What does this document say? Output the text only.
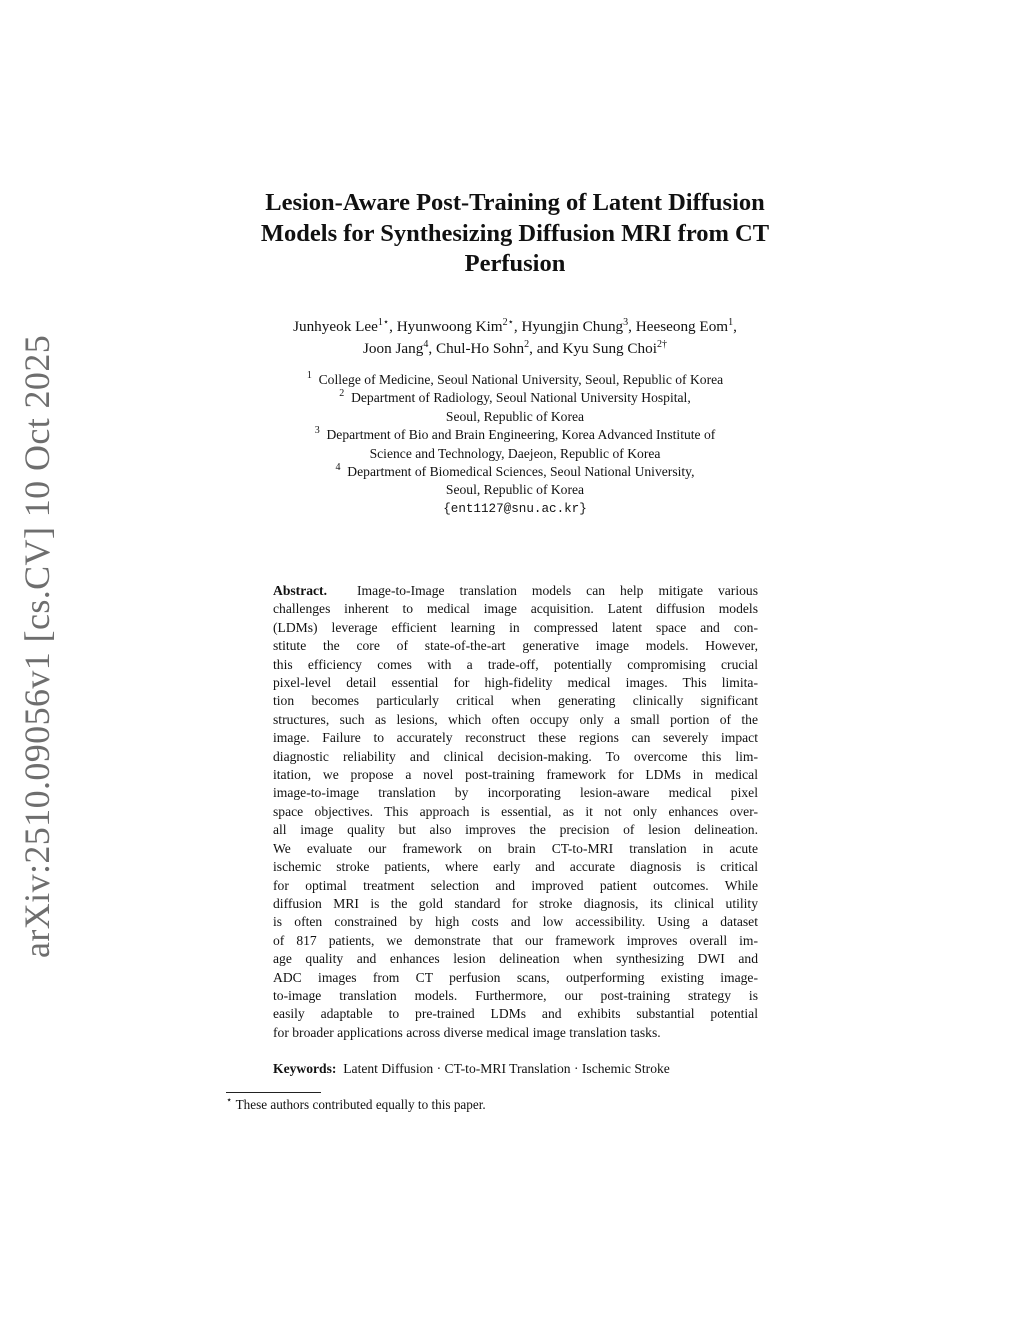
arXiv:2510.09056v1 [cs.CV] 10 Oct 2025
Lesion-Aware Post-Training of Latent Diffusion
Models for Synthesizing Diffusion MRI from CT
Perfusion
Junhyeok Lee$^{1⋆}$, Hyunwoong Kim$^{2⋆}$, Hyungjin Chung$^3$, Heeseong Eom$^1$,
Joon Jang$^4$, Chul-Ho Sohn$^2$, and Kyu Sung Choi$^{2\dagger}$
$^1$ College of Medicine, Seoul National University, Seoul, Republic of Korea
$^2$ Department of Radiology, Seoul National University Hospital,
Seoul, Republic of Korea
$^3$ Department of Bio and Brain Engineering, Korea Advanced Institute of
Science and Technology, Daejeon, Republic of Korea
$^4$ Department of Biomedical Sciences, Seoul National University,
Seoul, Republic of Korea
{ent1127@snu.ac.kr}
Abstract. Image-to-Image translation models can help mitigate various
challenges inherent to medical image acquisition. Latent diffusion models
(LDMs) leverage efficient learning in compressed latent space and con-
stitute the core of state-of-the-art generative image models. However,
this efficiency comes with a trade-off, potentially compromising crucial
pixel-level detail essential for high-fidelity medical images. This limita-
tion becomes particularly critical when generating clinically significant
structures, such as lesions, which often occupy only a small portion of the
image. Failure to accurately reconstruct these regions can severely impact
diagnostic reliability and clinical decision-making. To overcome this lim-
itation, we propose a novel post-training framework for LDMs in medical
image-to-image translation by incorporating lesion-aware medical pixel
space objectives. This approach is essential, as it not only enhances over-
all image quality but also improves the precision of lesion delineation.
We evaluate our framework on brain CT-to-MRI translation in acute
ischemic stroke patients, where early and accurate diagnosis is critical
for optimal treatment selection and improved patient outcomes. While
diffusion MRI is the gold standard for stroke diagnosis, its clinical utility
is often constrained by high costs and low accessibility. Using a dataset
of 817 patients, we demonstrate that our framework improves overall im-
age quality and enhances lesion delineation when synthesizing DWI and
ADC images from CT perfusion scans, outperforming existing image-
to-image translation models. Furthermore, our post-training strategy is
easily adaptable to pre-trained LDMs and exhibits substantial potential
for broader applications across diverse medical image translation tasks.
Keywords: Latent Diffusion · CT-to-MRI Translation · Ischemic Stroke
⋆ These authors contributed equally to this paper.
